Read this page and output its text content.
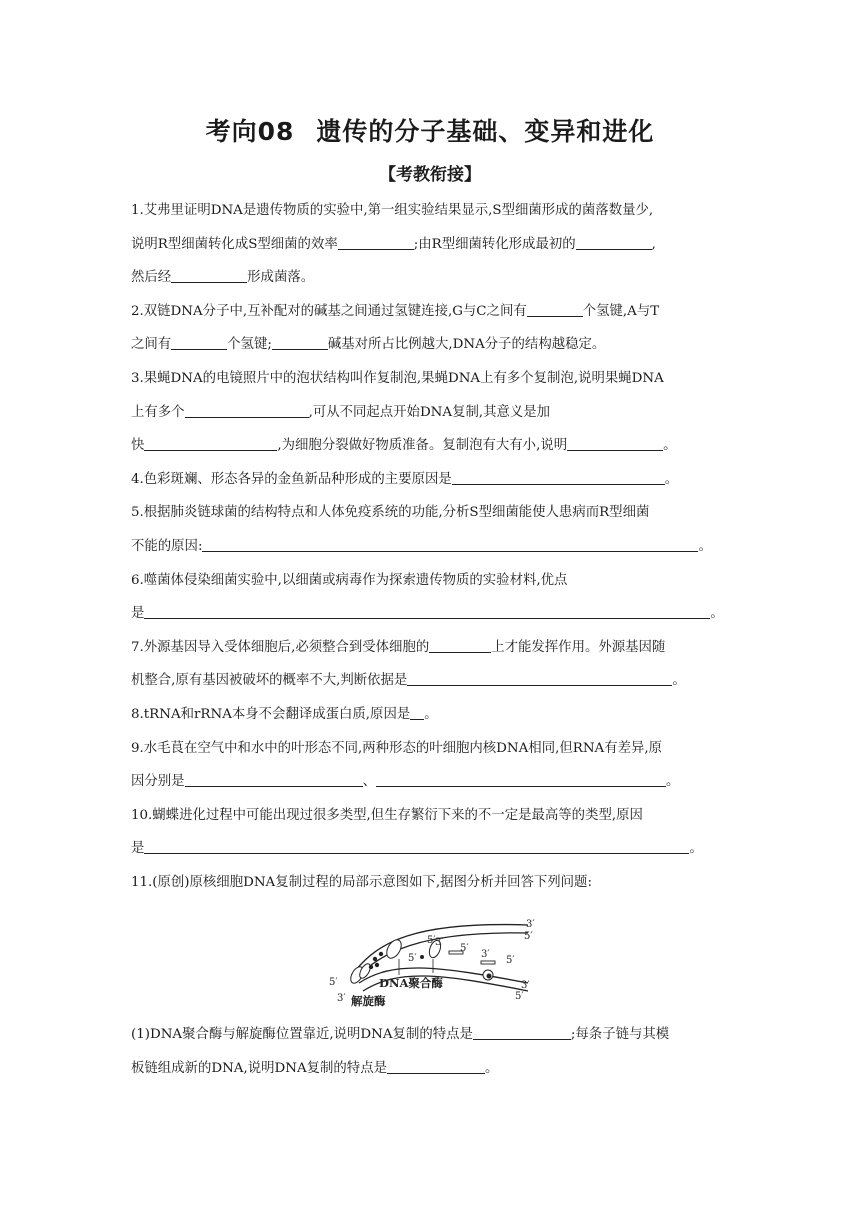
考向08 遗传的分子基础、变异和进化
【考教衔接】
1.艾弗里证明DNA是遗传物质的实验中,第一组实验结果显示,S型细菌形成的菌落数量少,
说明R型细菌转化成S型细菌的效率	;由R型细菌转化形成最初的	,
然后经	形成菌落。
2.双链DNA分子中,互补配对的碱基之间通过氢键连接,G与C之间有	个氢键,A与T
之间有	个氢键;	碱基对所占比例越大,DNA分子的结构越稳定。
3.果蝇DNA的电镜照片中的泡状结构叫作复制泡,果蝇DNA上有多个复制泡,说明果蝇DNA
上有多个	,可从不同起点开始DNA复制,其意义是加
快	,为细胞分裂做好物质准备。复制泡有大有小,说明	。
4.色彩斑斓、形态各异的金鱼新品种形成的主要原因是	。
5.根据肺炎链球菌的结构特点和人体免疫系统的功能,分析S型细菌能使人患病而R型细菌
不能的原因:	。
6.噬菌体侵染细菌实验中,以细菌或病毒作为探索遗传物质的实验材料,优点
是	。
7.外源基因导入受体细胞后,必须整合到受体细胞的	上才能发挥作用。外源基因随
机整合,原有基因被破坏的概率不大,判断依据是	。
8.tRNA和rRNA本身不会翻译成蛋白质,原因是 。
9.水毛茛在空气中和水中的叶形态不同,两种形态的叶细胞内核DNA相同,但RNA有差异,原
因分别是	、	。
10.蝴蝶进化过程中可能出现过很多类型,但生存繁衍下来的不一定是最高等的类型,原因
是	。
11.(原创)原核细胞DNA复制过程的局部示意图如下,据图分析并回答下列问题:
3′
5′
5′ 3′
5′
5′
3′
5′
3′
5′
5′
3′
DNA聚合酶
解旋酶
(1)DNA聚合酶与解旋酶位置靠近,说明DNA复制的特点是	;每条子链与其模
板链组成新的DNA,说明DNA复制的特点是	。
